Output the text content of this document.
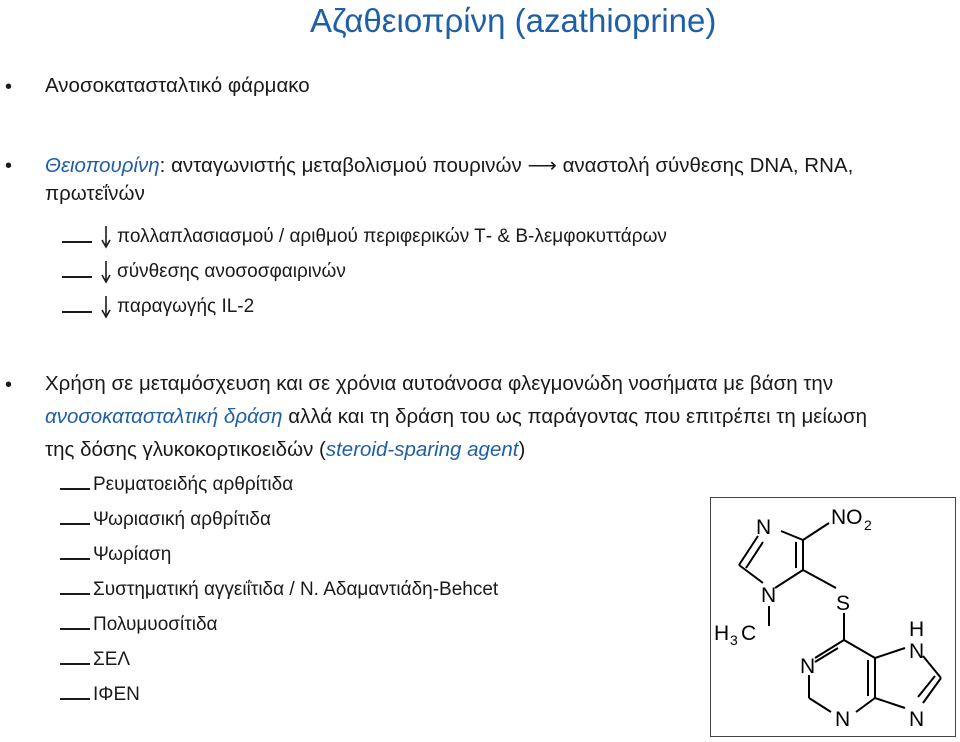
Αζαθειοπρίνη (azathioprine)
• Ανοσοκατασταλτικό φάρμακο
• Θειοπουρίνη: ανταγωνιστής μεταβολισμού πουρινών ⟶ αναστολή σύνθεσης DNA, RNA,
πρωτεΐνών
πολλαπλασιασμού / αριθμού περιφερικών Τ- & Β-λεμφοκυττάρων
σύνθεσης ανοσοσφαιρινών
παραγωγής IL-2
• Χρήση σε μεταμόσχευση και σε χρόνια αυτοάνοσα φλεγμονώδη νοσήματα με βάση την
ανοσοκατασταλτική δράση αλλά και τη δράση του ως παράγοντας που επιτρέπει τη μείωση
της δόσης γλυκοκορτικοειδών (steroid-sparing agent)
Ρευματοειδής αρθρίτιδα
Ψωριασική αρθρίτιδα
Ψωρίαση
Συστηματική αγγειΐτιδα / Ν. Αδαμαντιάδη-Behcet
Πολυμυοσίτιδα
ΣΕΛ
ΙΦΕΝ
N	NO 2
N	S
H 3 C	H
N
N
N	N
